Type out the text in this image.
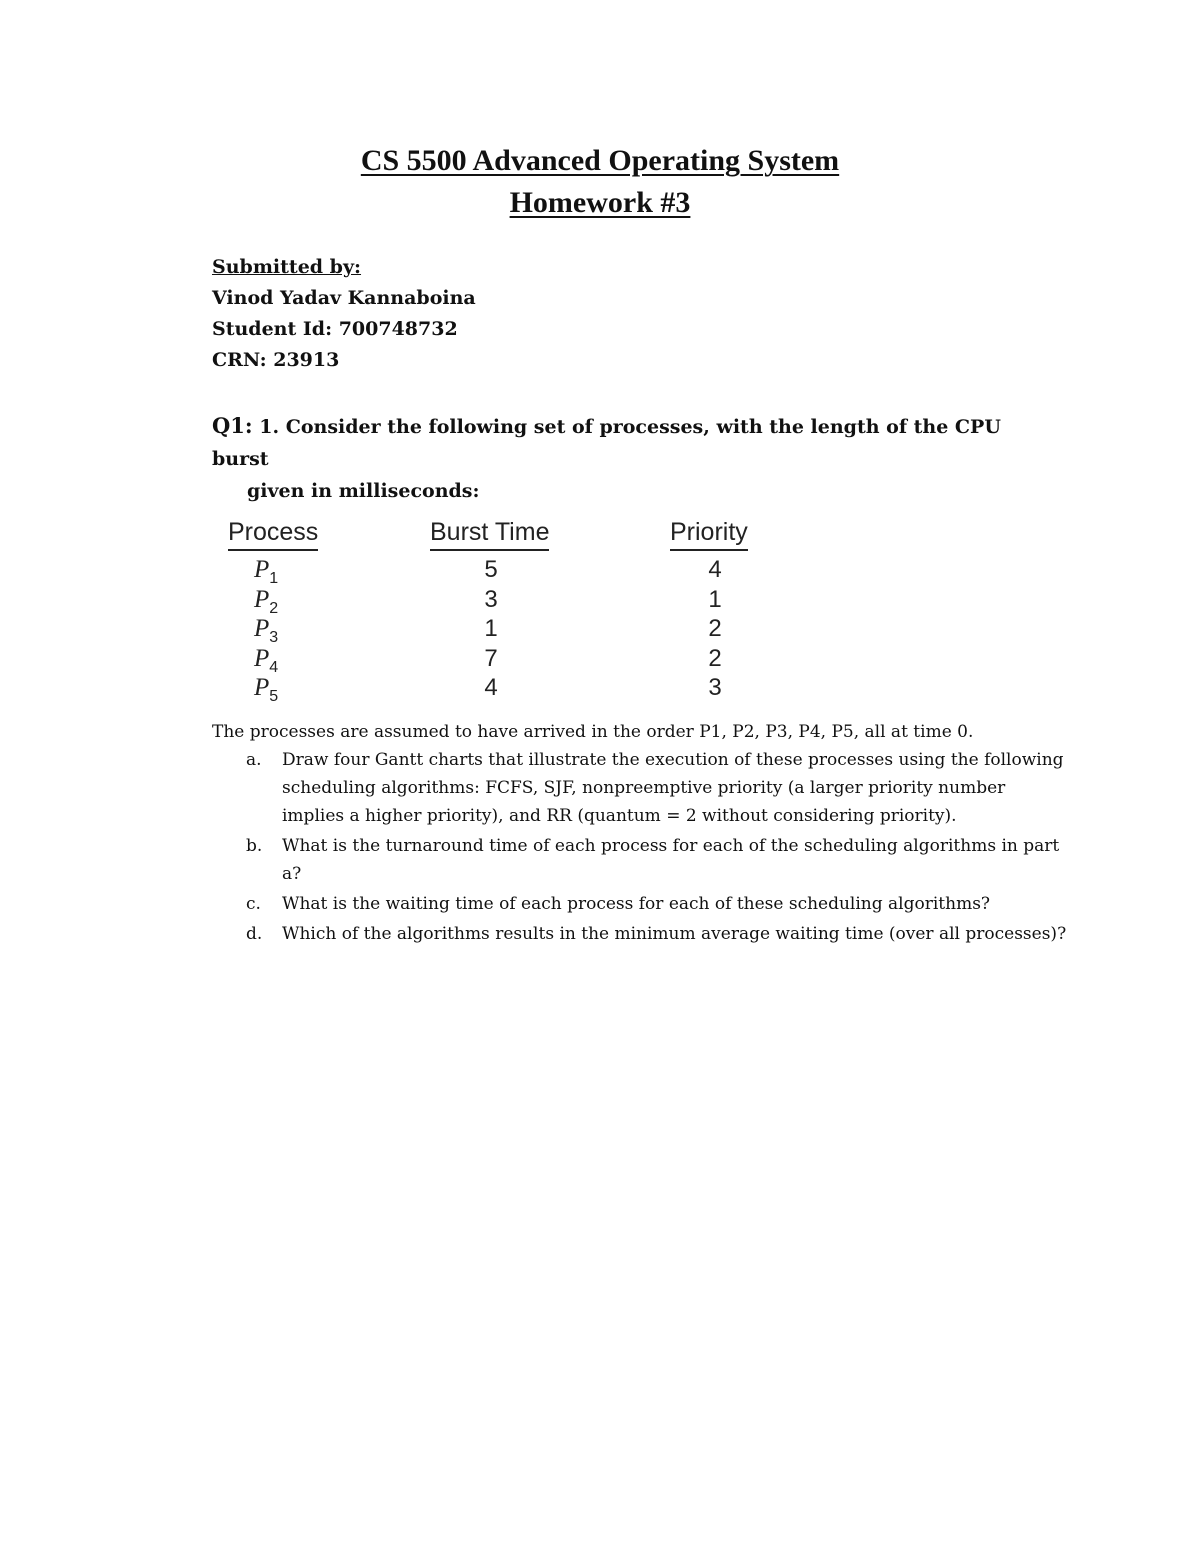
CS 5500 Advanced Operating System
Homework #3
Submitted by:
Vinod Yadav Kannaboina
Student Id: 700748732
CRN: 23913
Q1: 1. Consider the following set of processes, with the length of the CPU burst
given in milliseconds:
Process	Burst Time	Priority
$P_1$	5	4
$P_2$	3	1
$P_3$	1	2
$P_4$	7	2
$P_5$	4	3
The processes are assumed to have arrived in the order P1, P2, P3, P4, P5, all at time 0.
a. Draw four Gantt charts that illustrate the execution of these processes using the following scheduling algorithms: FCFS, SJF, nonpreemptive priority (a larger priority number implies a higher priority), and RR (quantum = 2 without considering priority).
b. What is the turnaround time of each process for each of the scheduling algorithms in part a?
c. What is the waiting time of each process for each of these scheduling algorithms?
d. Which of the algorithms results in the minimum average waiting time (over all processes)?
